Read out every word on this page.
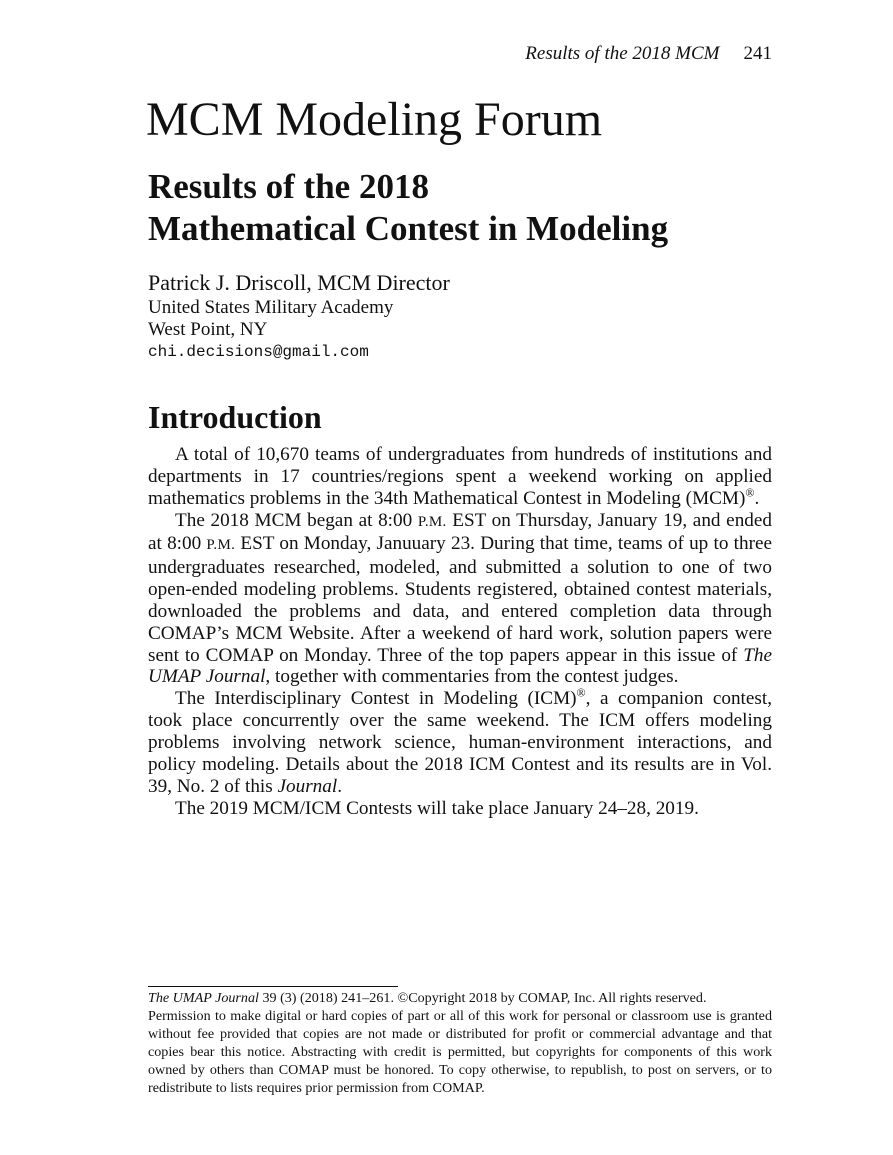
Results of the 2018 MCM 241
MCM Modeling Forum
Results of the 2018
Mathematical Contest in Modeling
Patrick J. Driscoll, MCM Director
United States Military Academy
West Point, NY
chi.decisions@gmail.com
Introduction

A total of 10,670 teams of undergraduates from hundreds of institutions and departments in 17 countries/regions spent a weekend working on applied mathematics problems in the 34th Mathematical Contest in Modeling (MCM)®.

The 2018 MCM began at 8:00 P.M. EST on Thursday, January 19, and ended at 8:00 P.M. EST on Monday, Januuary 23. During that time, teams of up to three undergraduates researched, modeled, and submitted a solution to one of two open-ended modeling problems. Students registered, obtained contest materials, downloaded the problems and data, and entered completion data through COMAP’s MCM Website. After a weekend of hard work, solution papers were sent to COMAP on Monday. Three of the top papers appear in this issue of The UMAP Journal, together with commentaries from the contest judges.

The Interdisciplinary Contest in Modeling (ICM)®, a companion contest, took place concurrently over the same weekend. The ICM offers modeling problems involving network science, human-environment interactions, and policy modeling. Details about the 2018 ICM Contest and its results are in Vol. 39, No. 2 of this Journal.

The 2019 MCM/ICM Contests will take place January 24–28, 2019.

The UMAP Journal 39 (3) (2018) 241–261. ©Copyright 2018 by COMAP, Inc. All rights reserved.

Permission to make digital or hard copies of part or all of this work for personal or classroom use is granted without fee provided that copies are not made or distributed for profit or commercial advantage and that copies bear this notice. Abstracting with credit is permitted, but copyrights for components of this work owned by others than COMAP must be honored. To copy otherwise, to republish, to post on servers, or to redistribute to lists requires prior permission from COMAP.
